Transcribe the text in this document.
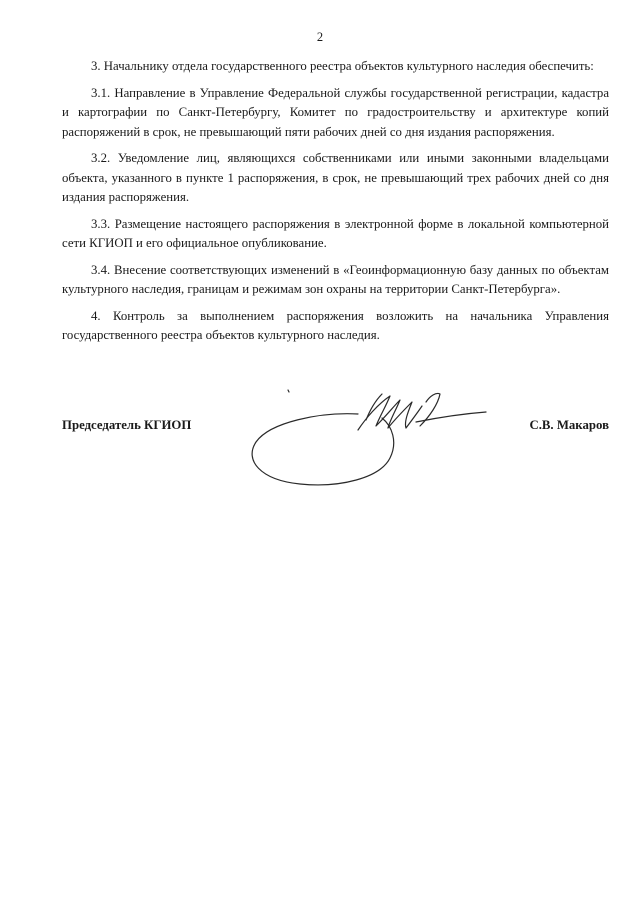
2

3. Начальнику отдела государственного реестра объектов культурного наследия обеспечить:

3.1. Направление в Управление Федеральной службы государственной регистрации, кадастра и картографии по Санкт-Петербургу, Комитет по градостроительству и архитектуре копий распоряжений в срок, не превышающий пяти рабочих дней со дня издания распоряжения.

3.2. Уведомление лиц, являющихся собственниками или иными законными владельцами объекта, указанного в пункте 1 распоряжения, в срок, не превышающий трех рабочих дней со дня издания распоряжения.

3.3. Размещение настоящего распоряжения в электронной форме в локальной компьютерной сети КГИОП и его официальное опубликование.

3.4. Внесение соответствующих изменений в «Геоинформационную базу данных по объектам культурного наследия, границам и режимам зон охраны на территории Санкт-Петербурга».

4. Контроль за выполнением распоряжения возложить на начальника Управления государственного реестра объектов культурного наследия.

Председатель КГИОП	С.В. Макаров
